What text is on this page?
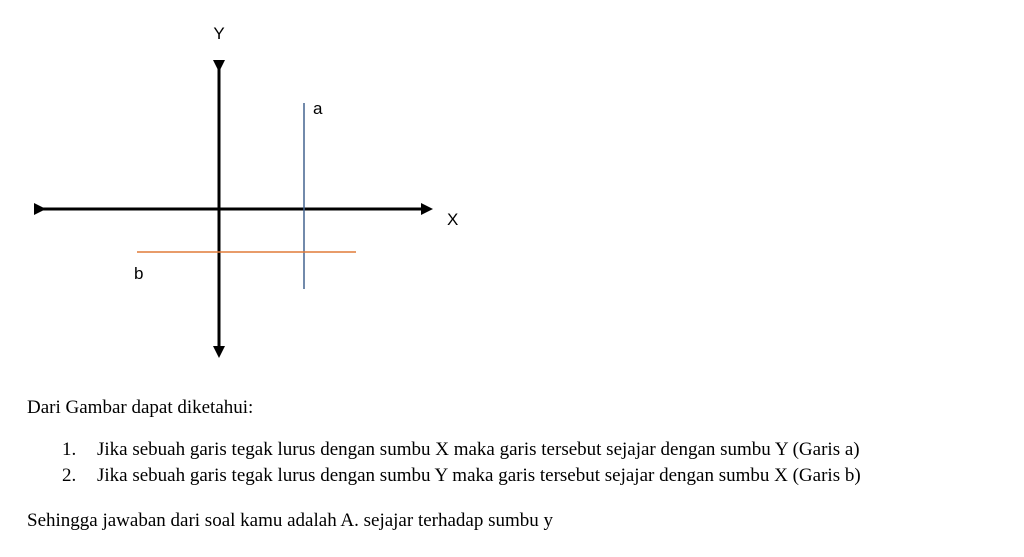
Y
X
a
b
Dari Gambar dapat diketahui:
1. Jika sebuah garis tegak lurus dengan sumbu X maka garis tersebut sejajar dengan sumbu Y (Garis a)
2. Jika sebuah garis tegak lurus dengan sumbu Y maka garis tersebut sejajar dengan sumbu X (Garis b)
Sehingga jawaban dari soal kamu adalah A. sejajar terhadap sumbu y
